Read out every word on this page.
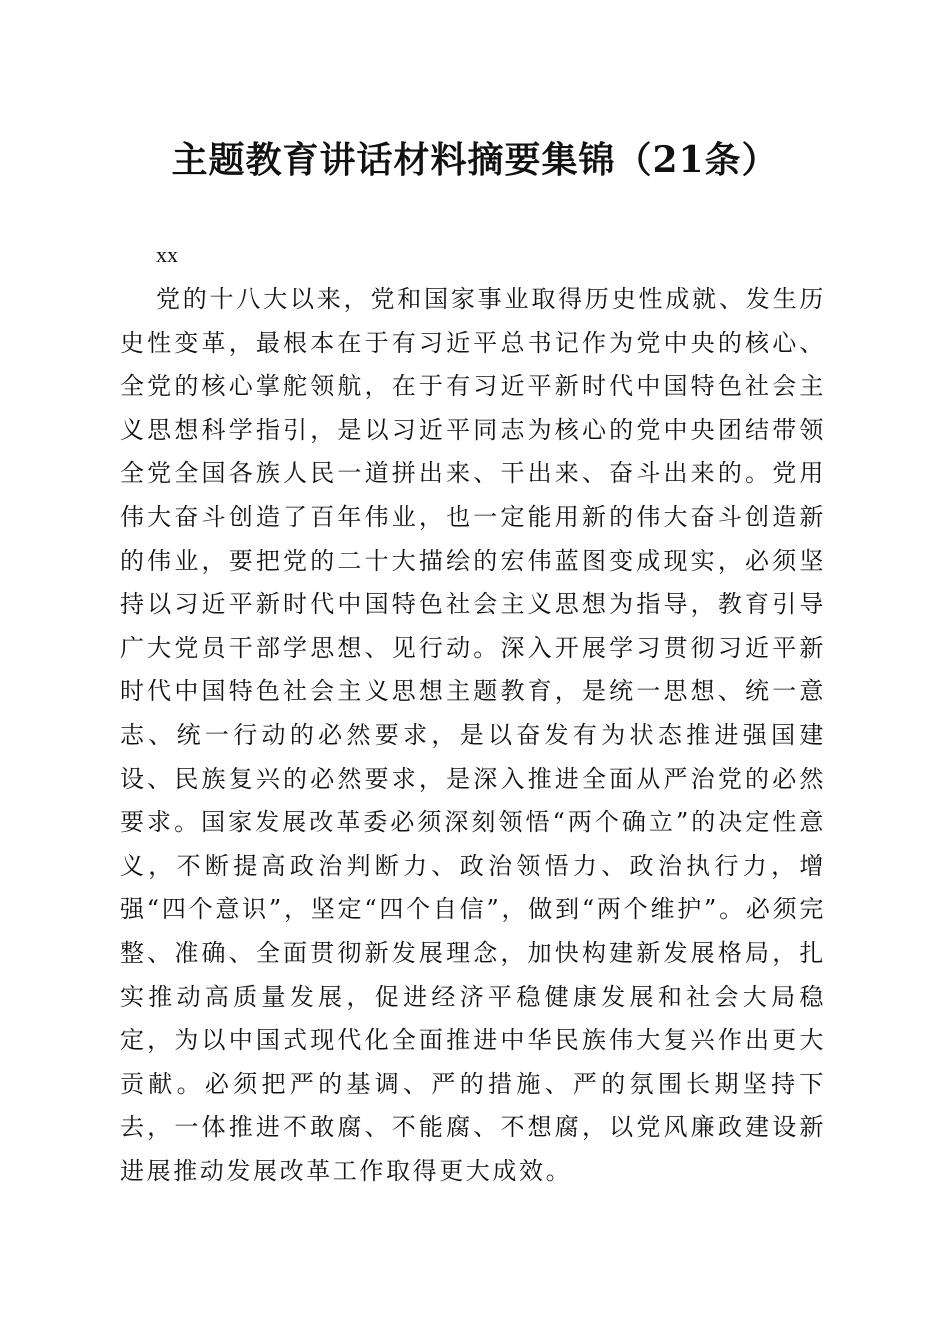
主题教育讲话材料摘要集锦（21条）
xx

党的十八大以来，党和国家事业取得历史性成就、发生历史性变革，最根本在于有习近平总书记作为党中央的核心、全党的核心掌舵领航，在于有习近平新时代中国特色社会主义思想科学指引，是以习近平同志为核心的党中央团结带领全党全国各族人民一道拼出来、干出来、奋斗出来的。党用伟大奋斗创造了百年伟业，也一定能用新的伟大奋斗创造新的伟业，要把党的二十大描绘的宏伟蓝图变成现实，必须坚持以习近平新时代中国特色社会主义思想为指导，教育引导广大党员干部学思想、见行动。深入开展学习贯彻习近平新时代中国特色社会主义思想主题教育，是统一思想、统一意志、统一行动的必然要求，是以奋发有为状态推进强国建设、民族复兴的必然要求，是深入推进全面从严治党的必然要求。国家发展改革委必须深刻领悟“两个确立”的决定性意义，不断提高政治判断力、政治领悟力、政治执行力，增强“四个意识”，坚定“四个自信”，做到“两个维护”。必须完整、准确、全面贯彻新发展理念，加快构建新发展格局，扎实推动高质量发展，促进经济平稳健康发展和社会大局稳定，为以中国式现代化全面推进中华民族伟大复兴作出更大贡献。必须把严的基调、严的措施、严的氛围长期坚持下去，一体推进不敢腐、不能腐、不想腐，以党风廉政建设新进展推动发展改革工作取得更大成效。
